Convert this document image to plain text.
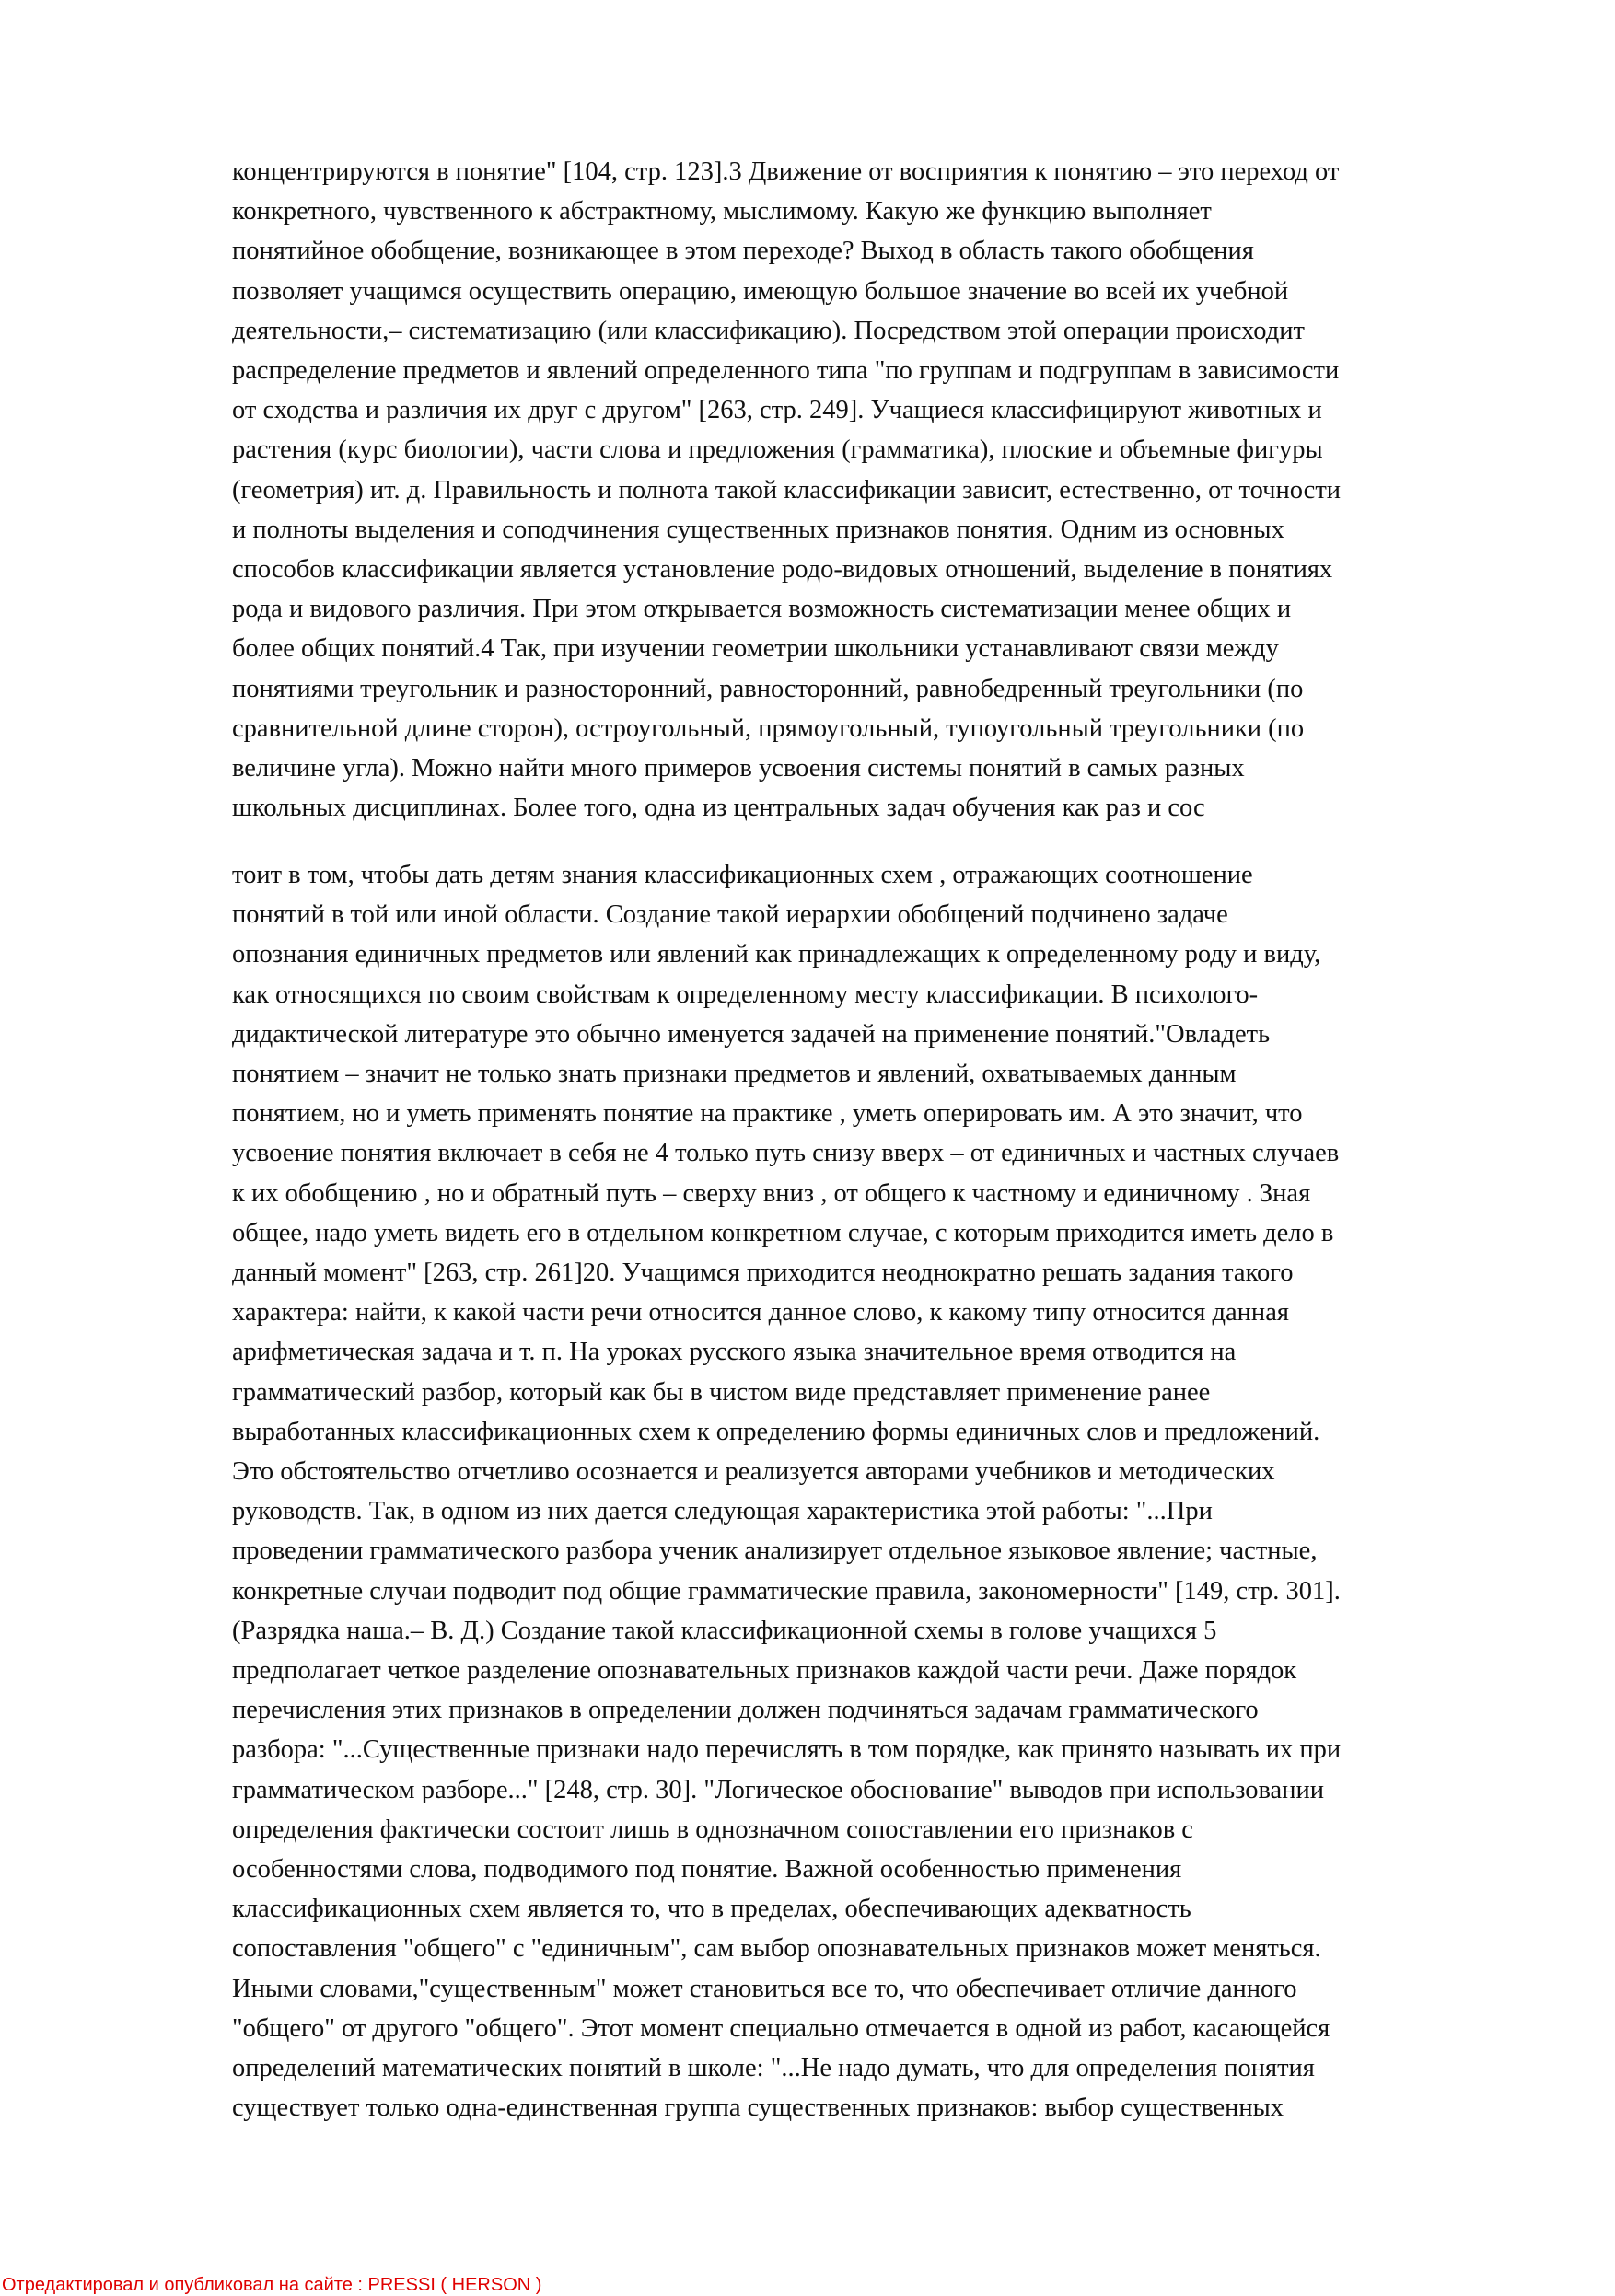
концентрируются в понятие" [104, стр. 123].3 Движение от восприятия к понятию – это переход от
конкретного, чувственного к абстрактному, мыслимому. Какую же функцию выполняет
понятийное обобщение, возникающее в этом переходе? Выход в область такого обобщения
позволяет учащимся осуществить операцию, имеющую большое значение во всей их учебной
деятельности,– систематизацию (или классификацию). Посредством этой операции происходит
распределение предметов и явлений определенного типа "по группам и подгруппам в зависимости
от сходства и различия их друг с другом" [263, стр. 249]. Учащиеся классифицируют животных и
растения (курс биологии), части слова и предложения (грамматика), плоские и объемные фигуры
(геометрия) ит. д. Правильность и полнота такой классификации зависит, естественно, от точности
и полноты выделения и соподчинения существенных признаков понятия. Одним из основных
способов классификации является установление родо-видовых отношений, выделение в понятиях
рода и видового различия. При этом открывается возможность систематизации менее общих и
более общих понятий.4 Так, при изучении геометрии школьники устанавливают связи между
понятиями треугольник и разносторонний, равносторонний, равнобедренный треугольники (по
сравнительной длине сторон), остроугольный, прямоугольный, тупоугольный треугольники (по
величине угла). Можно найти много примеров усвоения системы понятий в самых разных
школьных дисциплинах. Более того, одна из центральных задач обучения как раз и сос
тоит в том, чтобы дать детям знания классификационных схем , отражающих соотношение
понятий в той или иной области. Создание такой иерархии обобщений подчинено задаче
опознания единичных предметов или явлений как принадлежащих к определенному роду и виду,
как относящихся по своим свойствам к определенному месту классификации. В психолого-
дидактической литературе это обычно именуется задачей на применение понятий."Овладеть
понятием – значит не только знать признаки предметов и явлений, охватываемых данным
понятием, но и уметь применять понятие на практике , уметь оперировать им. А это значит, что
усвоение понятия включает в себя не 4 только путь снизу вверх – от единичных и частных случаев
к их обобщению , но и обратный путь – сверху вниз , от общего к частному и единичному . Зная
общее, надо уметь видеть его в отдельном конкретном случае, с которым приходится иметь дело в
данный момент" [263, стр. 261]20. Учащимся приходится неоднократно решать задания такого
характера: найти, к какой части речи относится данное слово, к какому типу относится данная
арифметическая задача и т. п. На уроках русского языка значительное время отводится на
грамматический разбор, который как бы в чистом виде представляет применение ранее
выработанных классификационных схем к определению формы единичных слов и предложений.
Это обстоятельство отчетливо осознается и реализуется авторами учебников и методических
руководств. Так, в одном из них дается следующая характеристика этой работы: "...При
проведении грамматического разбора ученик анализирует отдельное языковое явление; частные,
конкретные случаи подводит под общие грамматические правила, закономерности" [149, стр. 301].
(Разрядка наша.– В. Д.) Создание такой классификационной схемы в голове учащихся 5
предполагает четкое разделение опознавательных признаков каждой части речи. Даже порядок
перечисления этих признаков в определении должен подчиняться задачам грамматического
разбора: "...Существенные признаки надо перечислять в том порядке, как принято называть их при
грамматическом разборе..." [248, стр. 30]. "Логическое обоснование" выводов при использовании
определения фактически состоит лишь в однозначном сопоставлении его признаков с
особенностями слова, подводимого под понятие. Важной особенностью применения
классификационных схем является то, что в пределах, обеспечивающих адекватность
сопоставления "общего" с "единичным", сам выбор опознавательных признаков может меняться.
Иными словами,"существенным" может становиться все то, что обеспечивает отличие данного
"общего" от другого "общего". Этот момент специально отмечается в одной из работ, касающейся
определений математических понятий в школе: "...Не надо думать, что для определения понятия
существует только одна-единственная группа существенных признаков: выбор существенных
Отредактировал и опубликовал на сайте : PRESSI ( HERSON )
